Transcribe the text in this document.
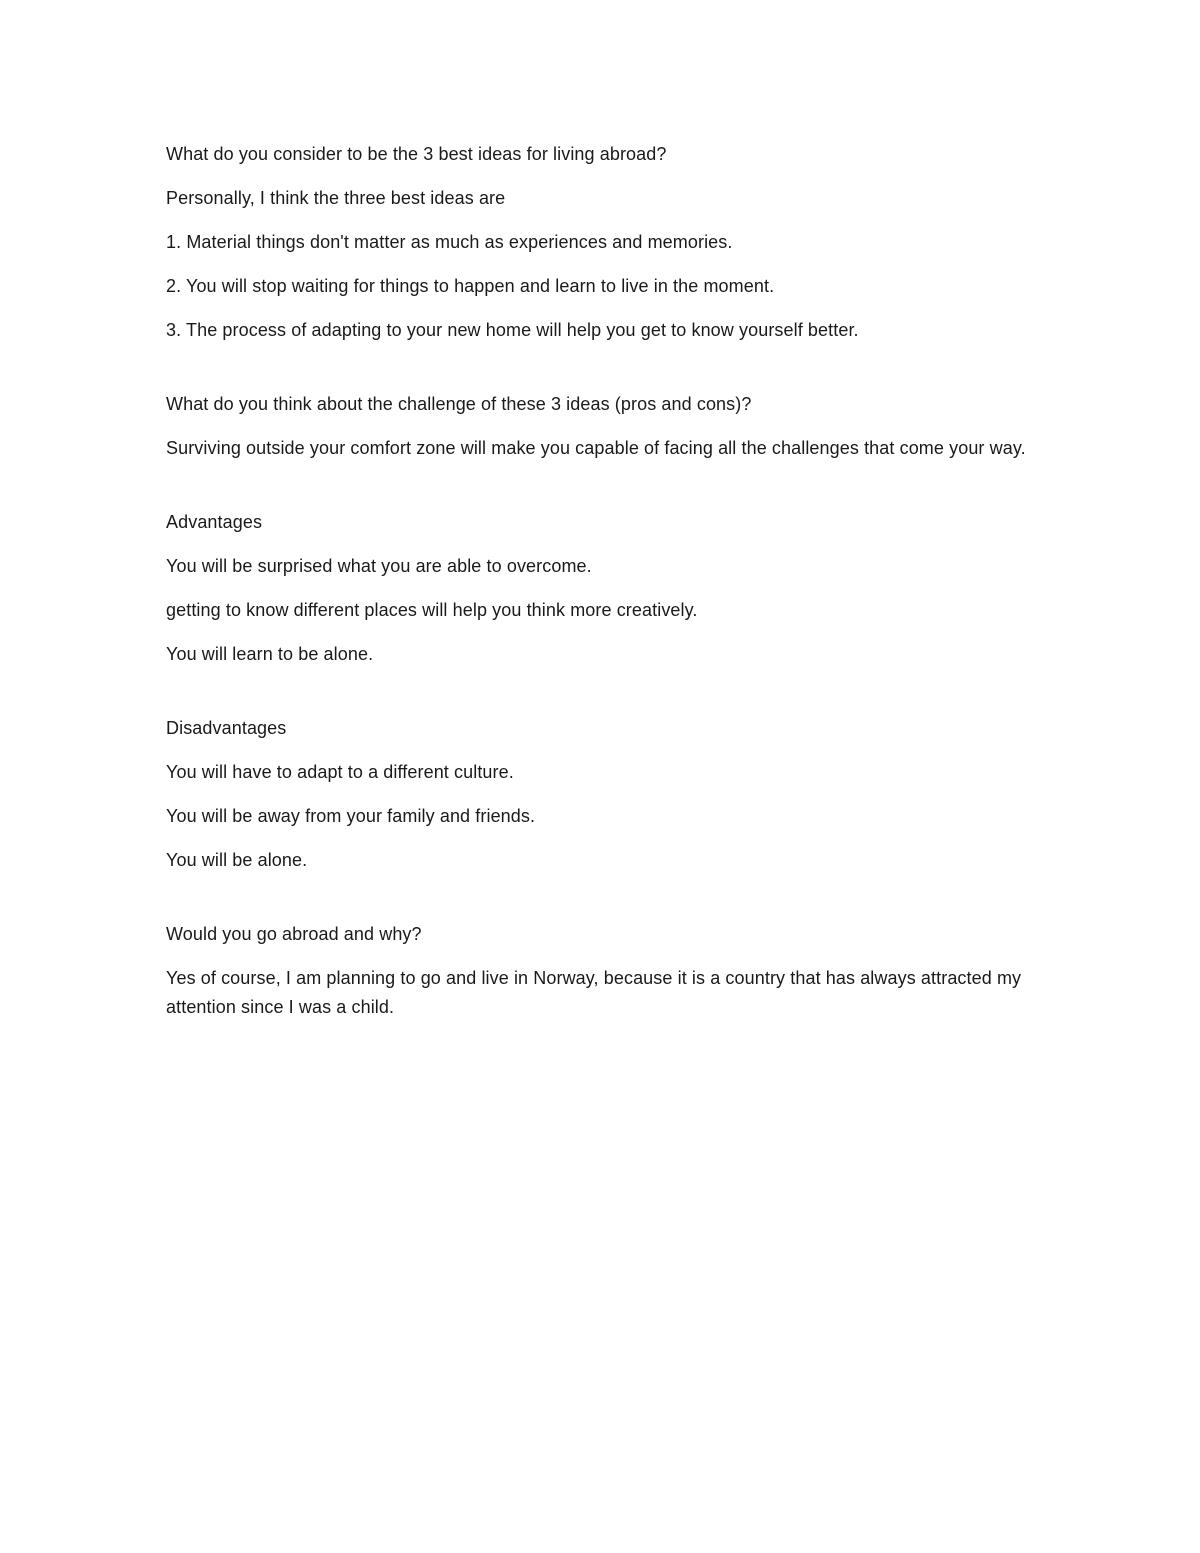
What do you consider to be the 3 best ideas for living abroad?

Personally, I think the three best ideas are

1. Material things don't matter as much as experiences and memories.

2. You will stop waiting for things to happen and learn to live in the moment.

3. The process of adapting to your new home will help you get to know yourself better.

What do you think about the challenge of these 3 ideas (pros and cons)?

Surviving outside your comfort zone will make you capable of facing all the challenges that come your way.

Advantages

You will be surprised what you are able to overcome.

getting to know different places will help you think more creatively.

You will learn to be alone.

Disadvantages

You will have to adapt to a different culture.

You will be away from your family and friends.

You will be alone.

Would you go abroad and why?

Yes of course, I am planning to go and live in Norway, because it is a country that has always attracted my attention since I was a child.
